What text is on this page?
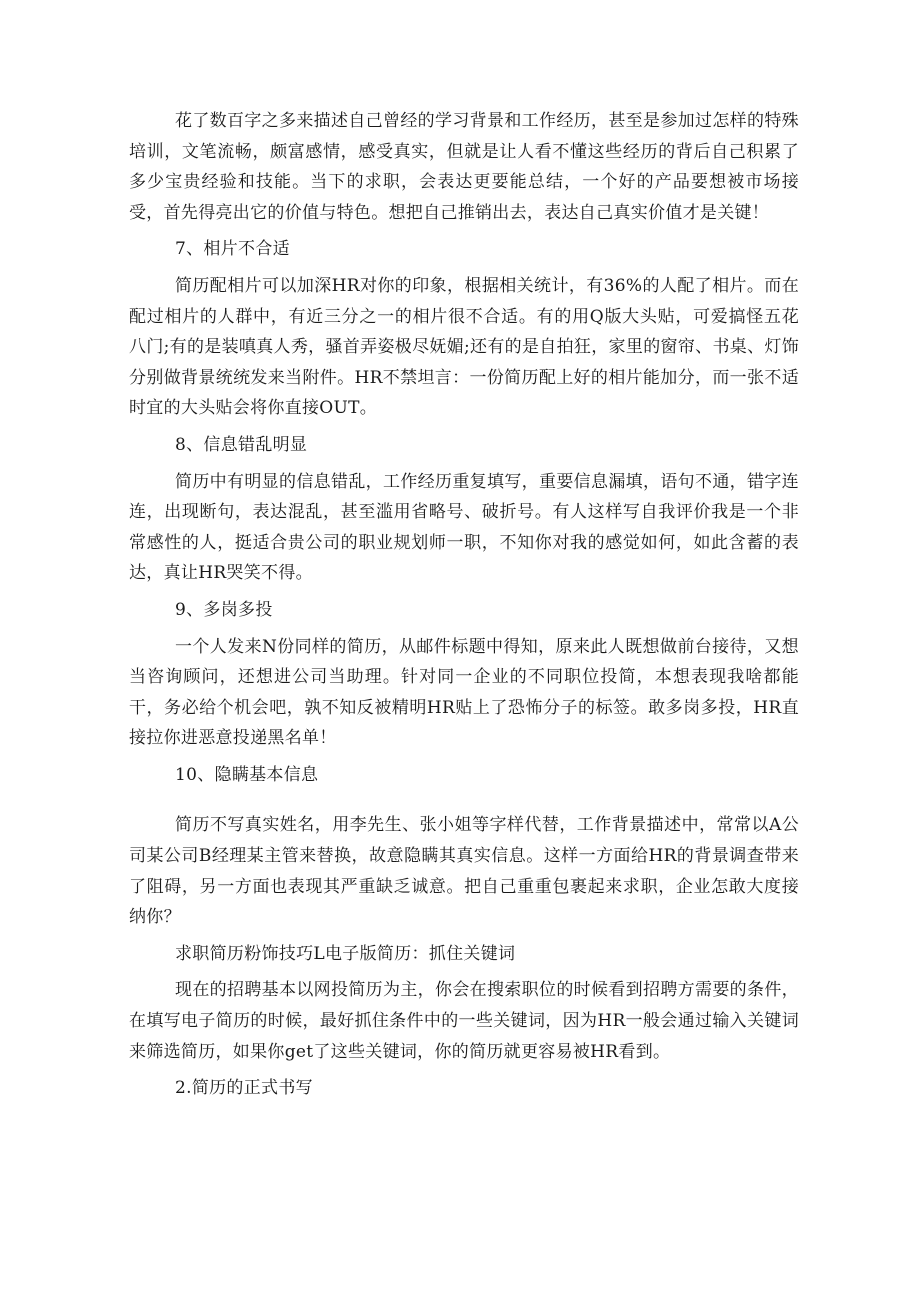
花了数百字之多来描述自己曾经的学习背景和工作经历，甚至是参加过怎样的特殊培训，文笔流畅，颇富感情，感受真实，但就是让人看不懂这些经历的背后自己积累了多少宝贵经验和技能。当下的求职，会表达更要能总结，一个好的产品要想被市场接受，首先得亮出它的价值与特色。想把自己推销出去，表达自己真实价值才是关键！

7、相片不合适

简历配相片可以加深HR对你的印象，根据相关统计，有36%的人配了相片。而在配过相片的人群中，有近三分之一的相片很不合适。有的用Q版大头贴，可爱搞怪五花八门;有的是装嗔真人秀，骚首弄姿极尽妩媚;还有的是自拍狂，家里的窗帘、书桌、灯饰分别做背景统统发来当附件。HR不禁坦言：一份简历配上好的相片能加分，而一张不适时宜的大头贴会将你直接OUT。

8、信息错乱明显

简历中有明显的信息错乱，工作经历重复填写，重要信息漏填，语句不通，错字连连，出现断句，表达混乱，甚至滥用省略号、破折号。有人这样写自我评价我是一个非常感性的人，挺适合贵公司的职业规划师一职，不知你对我的感觉如何，如此含蓄的表达，真让HR哭笑不得。

9、多岗多投

一个人发来N份同样的简历，从邮件标题中得知，原来此人既想做前台接待，又想当咨询顾问，还想进公司当助理。针对同一企业的不同职位投简，本想表现我啥都能干，务必给个机会吧，孰不知反被精明HR贴上了恐怖分子的标签。敢多岗多投，HR直接拉你进恶意投递黑名单！

10、隐瞒基本信息

简历不写真实姓名，用李先生、张小姐等字样代替，工作背景描述中，常常以A公司某公司B经理某主管来替换，故意隐瞒其真实信息。这样一方面给HR的背景调查带来了阻碍，另一方面也表现其严重缺乏诚意。把自己重重包裹起来求职，企业怎敢大度接纳你？

求职简历粉饰技巧L电子版简历：抓住关键词

现在的招聘基本以网投简历为主，你会在搜索职位的时候看到招聘方需要的条件，在填写电子简历的时候，最好抓住条件中的一些关键词，因为HR一般会通过输入关键词来筛选简历，如果你get了这些关键词，你的简历就更容易被HR看到。

2.简历的正式书写
